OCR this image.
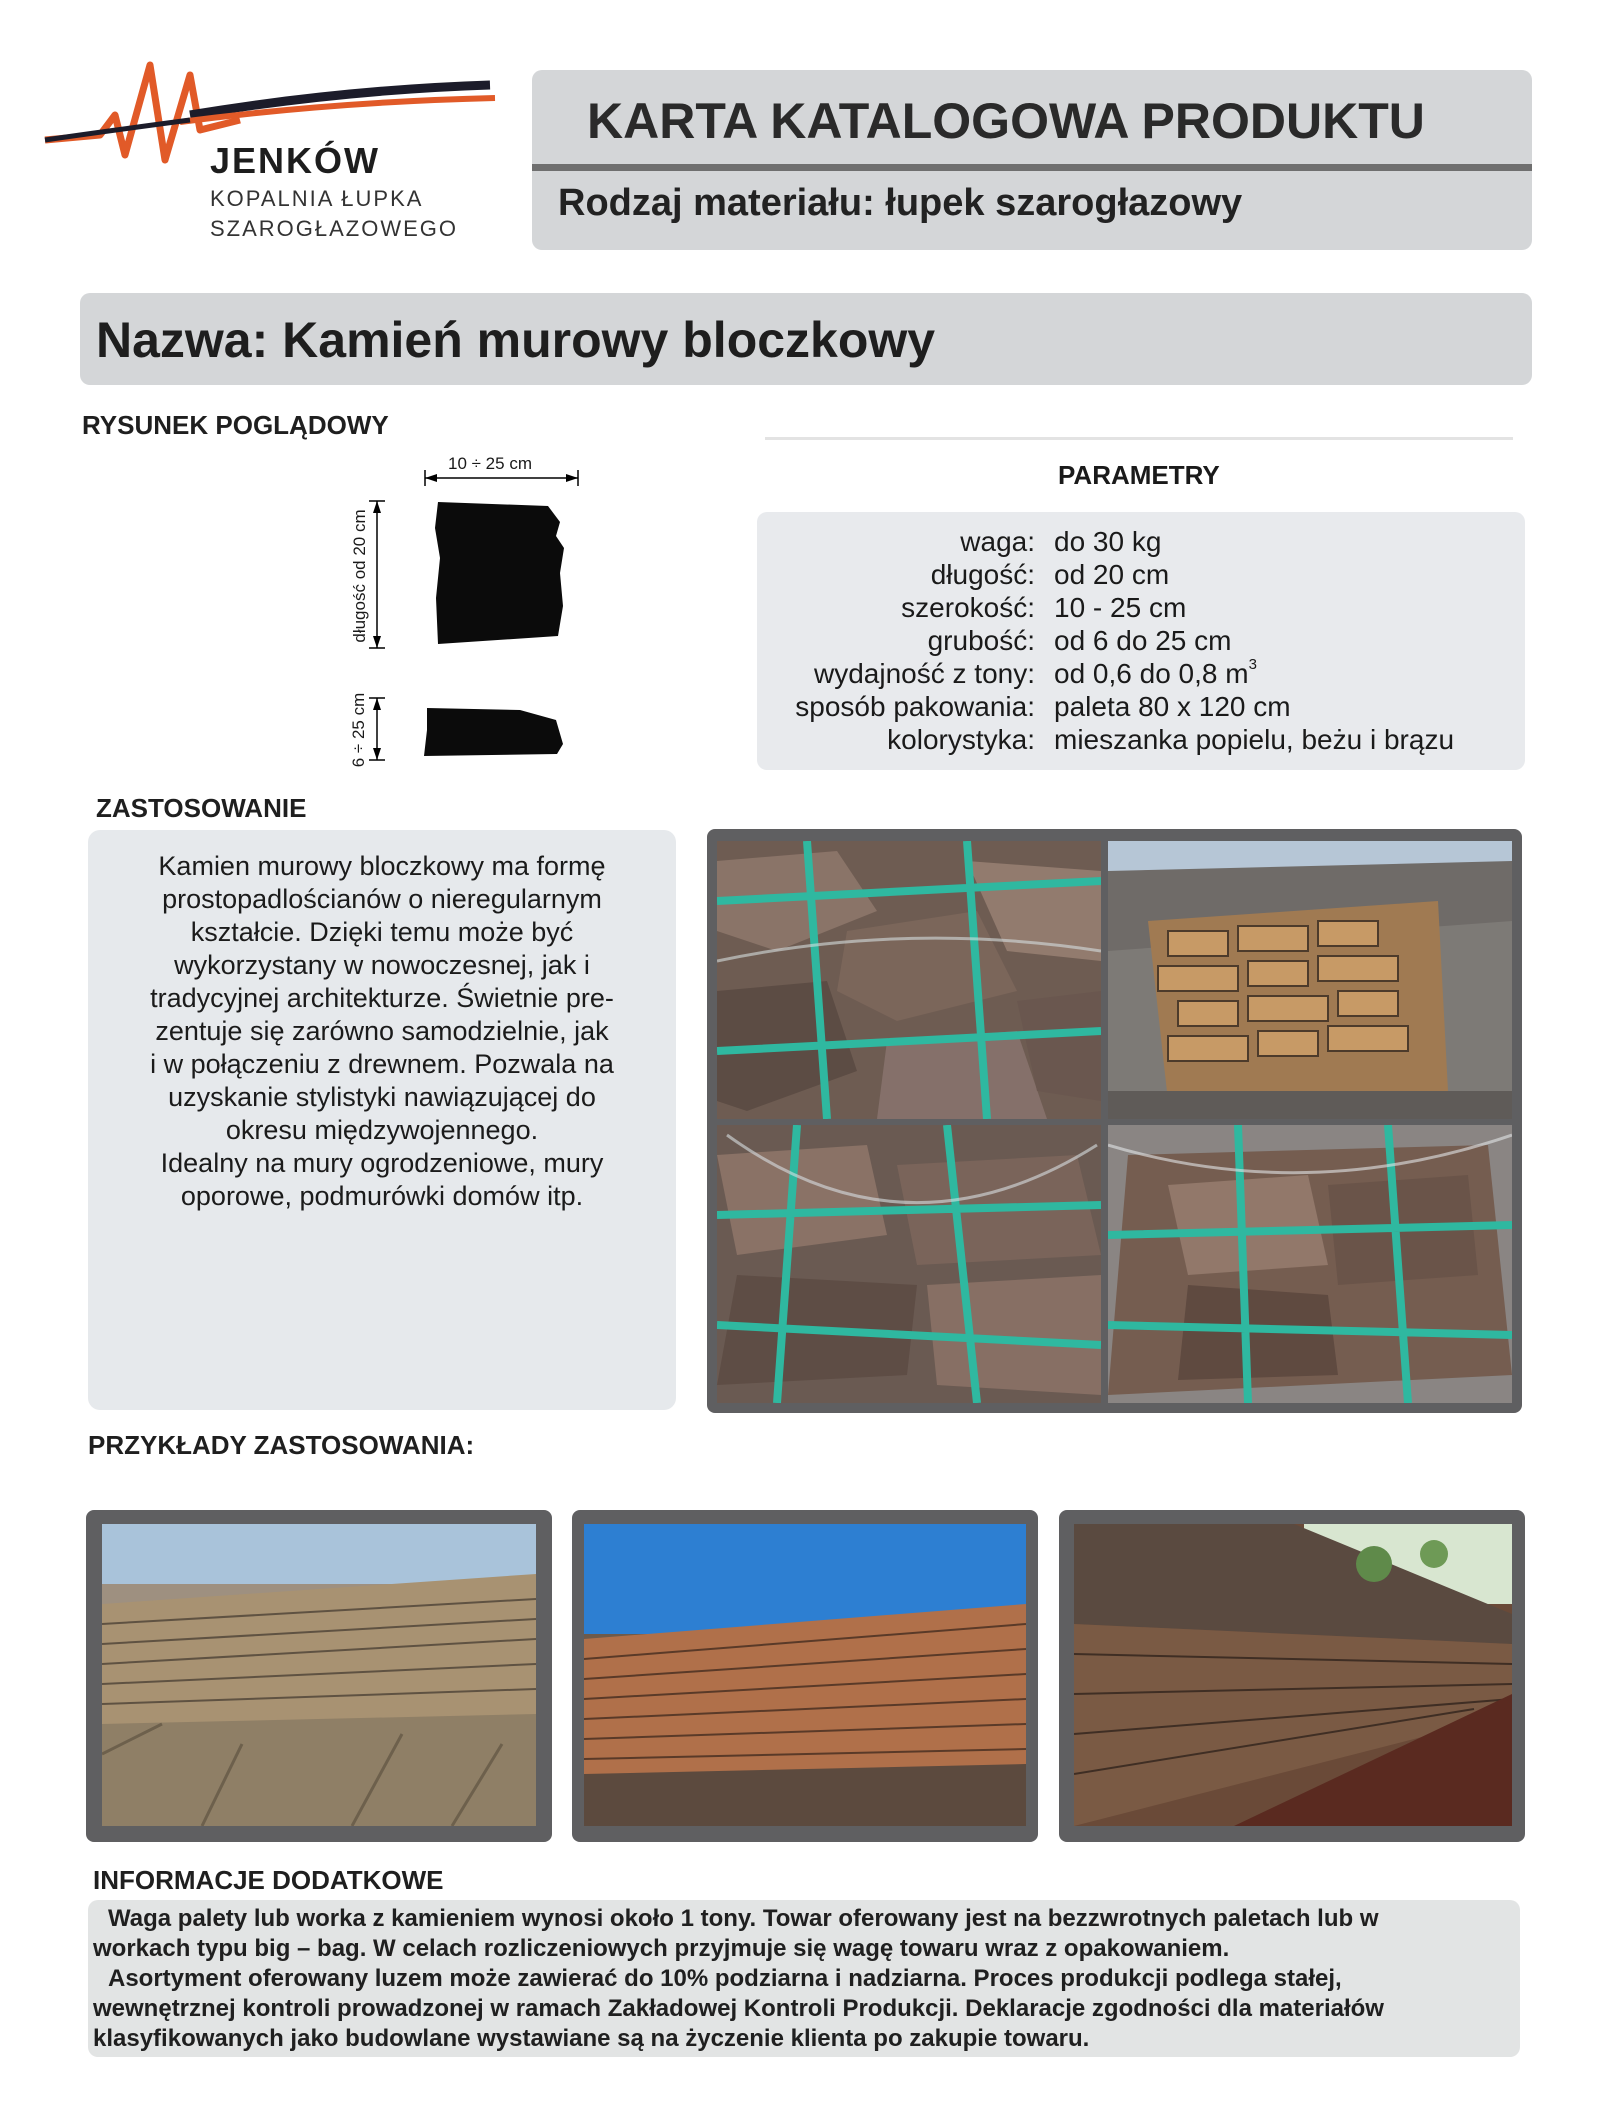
JENKÓW
KOPALNIA ŁUPKA
SZAROGŁAZOWEGO
KARTA KATALOGOWA PRODUKTU
Rodzaj materiału: łupek szarogłazowy
Nazwa: Kamień murowy bloczkowy
RYSUNEK POGLĄDOWY
10 ÷ 25 cm
długość od 20 cm
6 ÷ 25 cm
PARAMETRY
waga: do 30 kg
długość: od 20 cm
szerokość: 10 - 25 cm
grubość: od 6 do 25 cm
wydajność z tony: od 0,6 do 0,8 $m^3$
sposób pakowania: paleta 80 x 120 cm
kolorystyka: mieszanka popielu, beżu i brązu
ZASTOSOWANIE
Kamien murowy bloczkowy ma formę
prostopadlościanów o nieregularnym
kształcie. Dzięki temu może być
wykorzystany w nowoczesnej, jak i
tradycyjnej architekturze. Świetnie pre-
zentuje się zarówno samodzielnie, jak
i w połączeniu z drewnem. Pozwala na
uzyskanie stylistyki nawiązującej do
okresu międzywojennego.
Idealny na mury ogrodzeniowe, mury
oporowe, podmurówki domów itp.
PRZYKŁADY ZASTOSOWANIA:
INFORMACJE DODATKOWE

Waga palety lub worka z kamieniem wynosi około 1 tony. Towar oferowany jest na bezzwrotnych paletach lub w
workach typu big – bag. W celach rozliczeniowych przyjmuje się wagę towaru wraz z opakowaniem.

Asortyment oferowany luzem może zawierać do 10% podziarna i nadziarna. Proces produkcji podlega stałej,
wewnętrznej kontroli prowadzonej w ramach Zakładowej Kontroli Produkcji. Deklaracje zgodności dla materiałów
klasyfikowanych jako budowlane wystawiane są na życzenie klienta po zakupie towaru.
